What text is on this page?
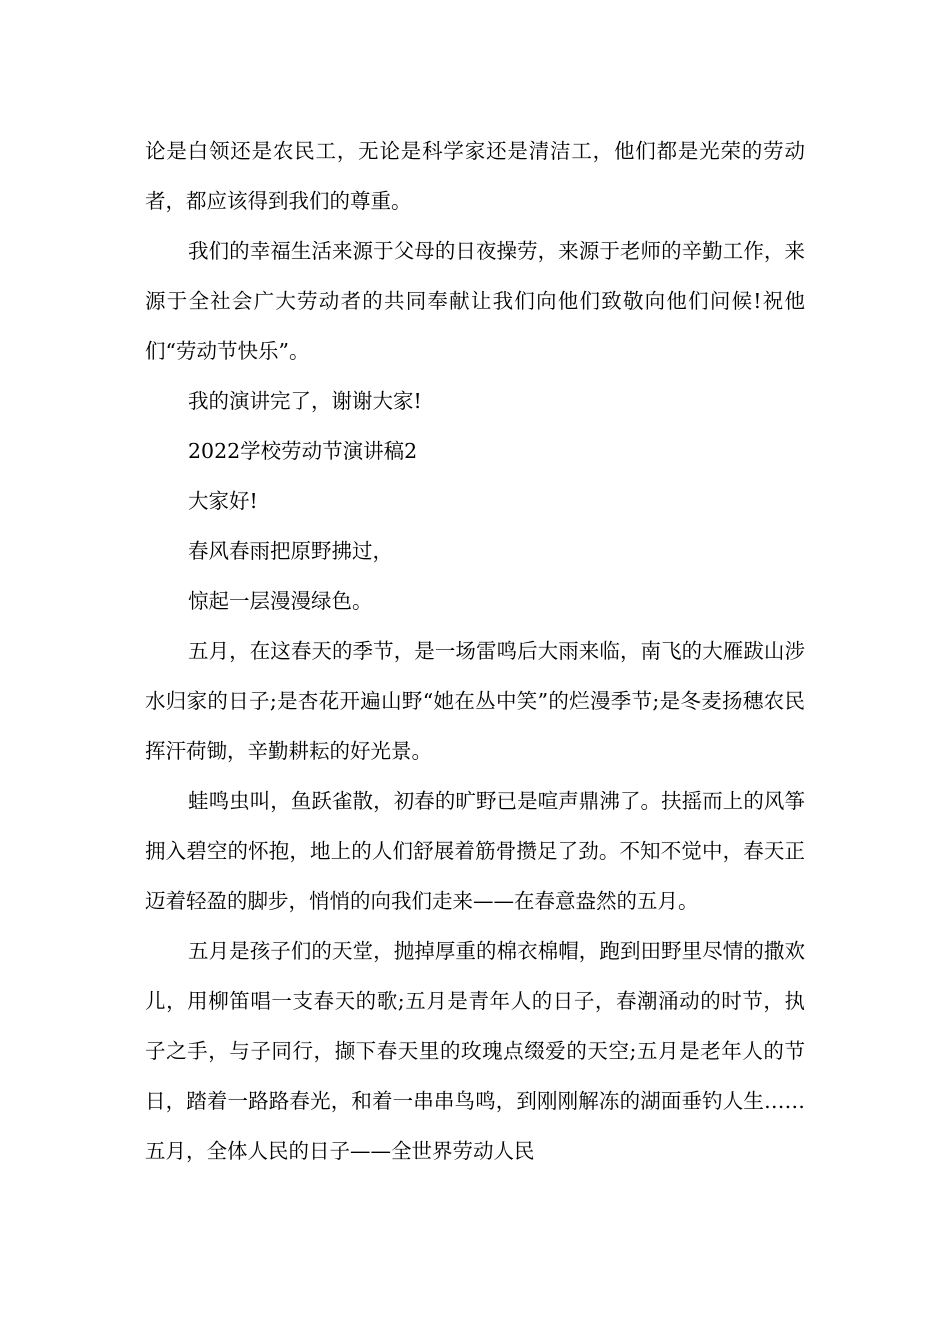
论是白领还是农民工，无论是科学家还是清洁工，他们都是光荣的劳动者，都应该得到我们的尊重。

我们的幸福生活来源于父母的日夜操劳，来源于老师的辛勤工作，来源于全社会广大劳动者的共同奉献让我们向他们致敬向他们问候!祝他们“劳动节快乐”。

我的演讲完了，谢谢大家!

2022学校劳动节演讲稿2

大家好!

春风春雨把原野拂过，

惊起一层漫漫绿色。

五月，在这春天的季节，是一场雷鸣后大雨来临，南飞的大雁跋山涉水归家的日子;是杏花开遍山野“她在丛中笑”的烂漫季节;是冬麦扬穗农民挥汗荷锄，辛勤耕耘的好光景。

蛙鸣虫叫，鱼跃雀散，初春的旷野已是喧声鼎沸了。扶摇而上的风筝拥入碧空的怀抱，地上的人们舒展着筋骨攒足了劲。不知不觉中，春天正迈着轻盈的脚步，悄悄的向我们走来——在春意盎然的五月。

五月是孩子们的天堂，抛掉厚重的棉衣棉帽，跑到田野里尽情的撒欢儿，用柳笛唱一支春天的歌;五月是青年人的日子，春潮涌动的时节，执子之手，与子同行，撷下春天里的玫瑰点缀爱的天空;五月是老年人的节日，踏着一路路春光，和着一串串鸟鸣，到刚刚解冻的湖面垂钓人生……五月，全体人民的日子——全世界劳动人民
